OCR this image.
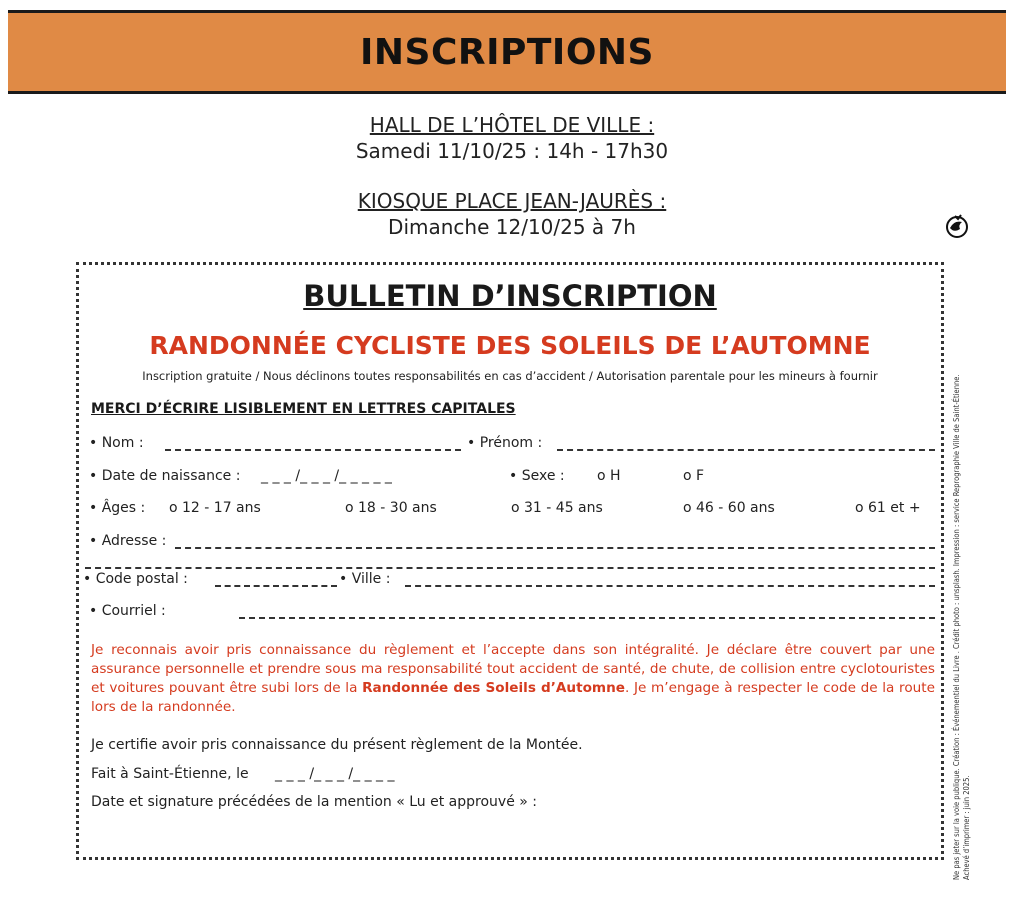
INSCRIPTIONS
HALL DE L’HÔTEL DE VILLE :
Samedi 11/10/25 : 14h - 17h30
KIOSQUE PLACE JEAN-JAURÈS :
Dimanche 12/10/25 à 7h
BULLETIN D’INSCRIPTION
RANDONNÉE CYCLISTE DES SOLEILS DE L’AUTOMNE
Inscription gratuite / Nous déclinons toutes responsabilités en cas d’accident / Autorisation parentale pour les mineurs à fournir
MERCI D’ÉCRIRE LISIBLEMENT EN LETTRES CAPITALES
• Nom :	• Prénom :
• Date de naissance : _ _ _ /_ _ _ /_ _ _ _ _	• Sexe : o H	o F
• Âges : o 12 - 17 ans	o 18 - 30 ans	o 31 - 45 ans	o 46 - 60 ans	o 61 et +
• Adresse :
• Code postal :	• Ville :
• Courriel :
Je reconnais avoir pris connaissance du règlement et l’accepte dans son intégralité. Je déclare être couvert par une assurance personnelle et prendre sous ma responsabilité tout accident de santé, de chute, de collision entre cyclotouristes et voitures pouvant être subi lors de la Randonnée des Soleils d’Automne. Je m’engage à respecter le code de la route lors de la randonnée.
Je certifie avoir pris connaissance du présent règlement de la Montée.
Fait à Saint-Étienne, le _ _ _ /_ _ _ /_ _ _ _
Date et signature précédées de la mention « Lu et approuvé » :	Ne pas jeter sur la voie publique. Création : Événementiel du Livre . Crédit photo : unsplash. Impression : service Reprographie Ville de Saint-Étienne. Achevé d’imprimer : juin 2025.
